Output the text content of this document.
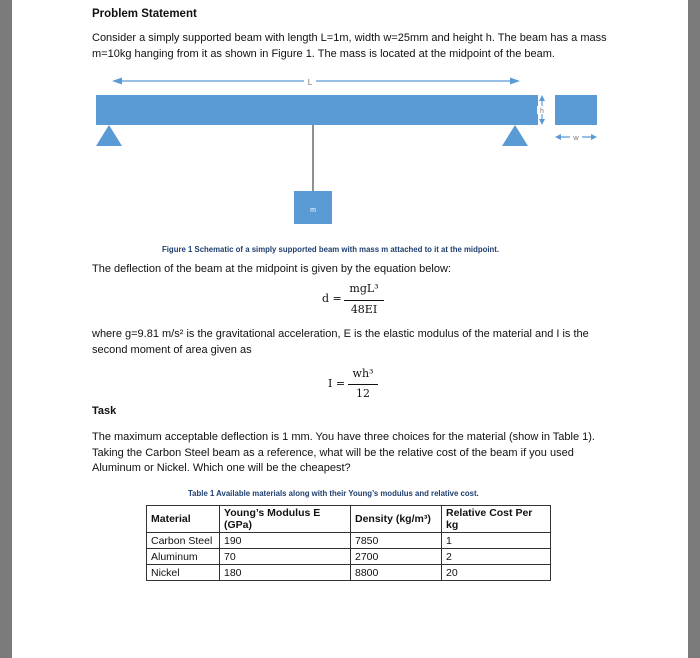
Problem Statement
Consider a simply supported beam with length L=1m, width w=25mm and height h. The beam has a mass
m=10kg hanging from it as shown in Figure 1. The mass is located at the midpoint of the beam.
L
m
h
w
Figure 1 Schematic of a simply supported beam with mass m attached to it at the midpoint.
The deflection of the beam at the midpoint is given by the equation below:
d =
mgL³
48EI
where g=9.81 m/s² is the gravitational acceleration, E is the elastic modulus of the material and I is the
second moment of area given as
I =
wh³
12
Task
The maximum acceptable deflection is 1 mm. You have three choices for the material (show in Table 1).
Taking the Carbon Steel beam as a reference, what will be the relative cost of the beam if you used
Aluminum or Nickel. Which one will be the cheapest?
Table 1 Available materials along with their Young’s modulus and relative cost.
Material	Young’s Modulus E (GPa)	Density (kg/m³)	Relative Cost Per kg
Carbon Steel	190	7850	1
Aluminum	70	2700	2
Nickel	180	8800	20
